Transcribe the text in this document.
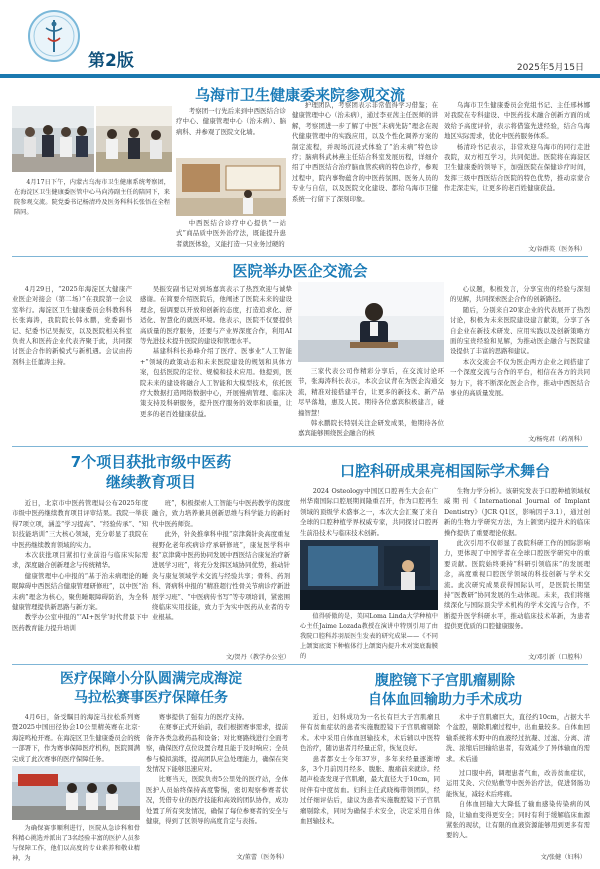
第2版	2025年5月15日
乌海市卫生健康委来院参观交流

4月17日下午，内蒙古乌海市卫生健康系统考察团，在海淀区卫生健康委医管中心马向涛副主任的陪同下，来院参观交流。院党委书记杨清玲及医务科科长张悟在全程陪同。

考察团一行先后来到中西医结合诊疗中心、健康管理中心（治未病）、脑病科、并参观了医院文化墙。

中西医结合诊疗中心提供“一站式”商品质中医外治疗法，既能提升患者就医体验，又能打造一只业务过硬的

护理团队，考察团表示非常值得学习借鉴；在健康管理中心（治未病），通过李亚茜主任医师的讲解，考察团进一步了解了中医“未病先防”理念在现代健康管理中的实践应用，以及个性化调养方案的制定流程，并现场沉浸式体验了“治未病”特色诊疗；脑病科武林燕主任结合科室发展历程，详细介绍了中西医结合治疗脑血管疾病的特色诊疗，参观过程中，院内事物蕴含的中医药氛围、医务人员的专业与自信，以及医院文化建设、都给乌海市卫健系统一行留下了深刻印象。

乌海市卫生健康委员会党组书记、主任邢林娜对我院在专科建设、中医药技术融合创新方面的成效给予高度评价，表示将借鉴先进经验，结合乌海地区实际需求，优化中医药服务体系。

杨清玲书记表示，非常欢迎乌海市的同行走进我院，双方相互学习，共同促进。医院将在海淀区卫生健康委的领导下，加强医院在保健诊疗时间，发挥三级中西医结合医院的特色优势，推动京蒙合作走深走实，让更多的老百姓健康获益。

文/谷群英（医务科）
医院举办医企交流会

4月29日，“2025年海淀区大健康产业医企对接会（第二场）”在我院第一会议室举行。海淀区卫生健康委员会科教科科长张海涛，我院院长韩永鹏，党委副书记、纪委书记吴振安，以及医院相关科室负责人和医药企业代表齐聚于此，共同探讨医企合作的新模式与新机遇。会议由药剂科主任董涛主持。

吴振安副书记对到场嘉宾表示了热烈欢迎与诚挚感谢。在简要介绍医院后，他阐述了医院未来的建设理念，强调要以开放和创新的态度，打造追求化、舒适化、智慧化的就医环境。他表示，医院不仅要提供高质量的医疗服务，还要与产业界深度合作，利用AI等先进技术提升医院的建设和管理水平。

基建科科长孙峰介绍了医疗、医事业“人工智能+”领域的政策动态和未来医院建设的规划和具体方案，包括医院的定位、规模和技术应用。他提到，医院未来的建设将融合人工智能和大模型技术，依托医疗大数据打造网络数据中心，开展慢病管理、临床决策支持及科研服务，提升医疗服务的效率和质量，让更多的老百姓健康获益。

三家代表公司作精彩分享后，在交流讨论环节，张海涛科长表示，本次会议背在为医企沟通交流，精准对接搭建平台，让更多的新技术、新产品尽早落地，惠及人民。期待各位嘉宾积极建言，碰撞智慧！

韩永鹏院长特别关注企研发成果，他期待各位嘉宾能够围绕医企融合的核

心议题，积极发言，分享宝贵的经验与深刻的见解，共同探索医企合作的创新路径。

随后，分别来自20家企业的代表展开了热烈讨论，积极为未来医院建设建言献策，分享了各自企业在新技术研发、应用实践以及创新策略方面的宝贵经验和见解，为推动医企融合与医院建设提供了丰富的思路和建议。

本次交流会不仅为医企两方企业之间搭建了一个深度交流与合作的平台，相信在各方的共同努力下，将不断深化医企合作，推动中西医结合事业的高质量发展。

文/杨宛君（药剂科）
7个项目获批市级中医药
继续教育项目

近日，北京市中医药管理局公布2025年度市级中医药继续教育项目评审结果。我院一举获得7项立项，涵盖“学习提高”、“经验传承”、“知识技能培训”三大核心领域，充分彰显了我院在中医药继续教育领域的实力。

本次获批项目紧扣行业前沿与临床实际需求，深度融合创新理念与传统精华。

健康管理中心申报的“基于治未病理论的睡眠障碍中西医结合健康管理研修班”，以中医“治未病”理念为核心，聚焦睡眠障碍防治，为全科健康管理提供新思路与新方案。

教学办公室申报的“‘AI+医学’时代背景下中医药教育能力提升培训

班”，积极探索人工智能与中医药教学的深度融合，致力培养兼具创新思维与科学能力的新时代中医药师资。

此外，针灸推拿科申报“京津冀针灸高度重复视野化老年疾病诊疗承研修班”，康复医学科申报“京津冀中医药协同发展中西医结合康复治疗新进展学习班”，将充分发挥区域协同优势，推动针灸与康复领域学术交流与经验共享；骨科、药剂科、肾病科申报的“精准超行性骨关节病诊疗新进展学习班”、“中医病传书写”等专项培训，紧密围绕临床实用技能，致力于为实中医药从业者的专业根基。

文/贺丹（教学办公室）
口腔科研成果亮相国际学术舞台

2024 Osteology中国区口腔再生大会在广州华南国际口腔展期间隆重召开，作为口腔再生领域的顶级学术盛事之一，本次大会汇聚了来自全球的口腔种植学界权威专家，共同探讨口腔再生前沿技术与临床技术创新。

值得骄傲的是，美国Loma Linda大学种植中心主任Jaime Lozada教授在演讲中特别引用了由我院口腔科苏羽辰医生发表的研究成果——《不同上颌窦底窦下种植体行上颌窦内提升术对窦底黏膜的

生物力学分析》。该研究发表于口腔种植领域权威期刊《International Journal of Implant Dentistry》（JCR Q1区，影响因子3.1），通过创新的生物力学研究方法，为上颌窦内提升术的临床操作提供了重要理论依据。

此次引用不仅彰显了我院科研工作的国际影响力，更体现了中国学者在全球口腔医学研究中的重要贡献。医院始终秉持“科研引领临床”的发展理念，高度重视口腔医学领域的科技创新与学术交流。此次研究成果获得国际认可，是医院长期坚持“医教研”协同发展的生动体现。未来，我们将继续深化与国际顶尖学术机构的学术交流与合作，不断提升医学科研水平，推动临床技术革新，为患者提供更优质的口腔健康服务。

文/邓引新（口腔科）
医疗保障小分队圆满完成海淀
马拉松赛事医疗保障任务

4月6日，备受瞩目的海淀马拉松系列赛暨2025中国田径协会10公里精英赛在北京·海淀鸣枪开赛。在海淀区卫生健康委员会的统一部署下，作为赛事保障医疗机构，医院圆满完成了此次赛事的医疗保障任务。

为确保赛事顺利进行，医院从急诊科和骨科精心挑选并派出了3名经验丰富的医护人员参与保障工作，他们以高度的专业素养和敬业精神，为

赛事提供了强有力的医疗支持。

在赛事正式开始前，我们根据赛事需求，提前备齐各类急救药品和设备；对比赛路线进行全面考察，确保医疗点位设置合理且能于及时响应；全员参与模拟演练，提高团队应急处理能力，确保在突发情况下能够迅速应对。

比赛当天，医院负责5公里处的医疗站，全体医护人员始终保持高度警惕，密切观察参赛者状况，凭借专业的医疗技能和高效的团队协作，成功处置了所有突发情况，确保了每位参赛者的安全与健康，得到了区领导的高度肯定与表扬。

文/董蕾（医务科）
腹腔镜下子宫肌瘤剔除
自体血回输助力手术成功

近日，妇科成功为一名长有巨大子宫肌瘤且伴有贫血症状的患者实施腹腔镜下子宫肌瘤剔除术。术中采用自体血回输技术，术后辅以中医特色治疗，随访患者月经量正常，恢复良好。

患者都女士今年37岁，多年来经量逐渐增多，3个月前因月经多、腹胀、腹痛前来就诊。经超声检查发现子宫肌瘤，最大直径大于10cm，同时伴有中度贫血。妇科主任武晓梅带领团队，经过仔细评估后，建议为患者实施腹腔镜下子宫肌瘤剔除术，同时为确保手术安全，决定采用自体血回输技术。

术中子宫肌瘤巨大，直径约10cm，占据大半个盆腔，剔除肌瘤过程中，出血量较多。自体血回输系统将术野中的血液经过抗凝、过滤、分离、清洗、浓缩后回输给患者，有效减少了异体输血的需求。术后通

过口服中药，调理患者气血，改善贫血症状，运用艾灸、穴位贴敷等中医外治疗法，促进肾肠功能恢复，减轻术后疼痛。

自体血回输大大降低了输血感染传染病的风险，让输血变得更安全；同时有利于缓解临床血源紧张的现状，让有限的血液资源能够用到更多有需要的人。

文/张健（妇科）
